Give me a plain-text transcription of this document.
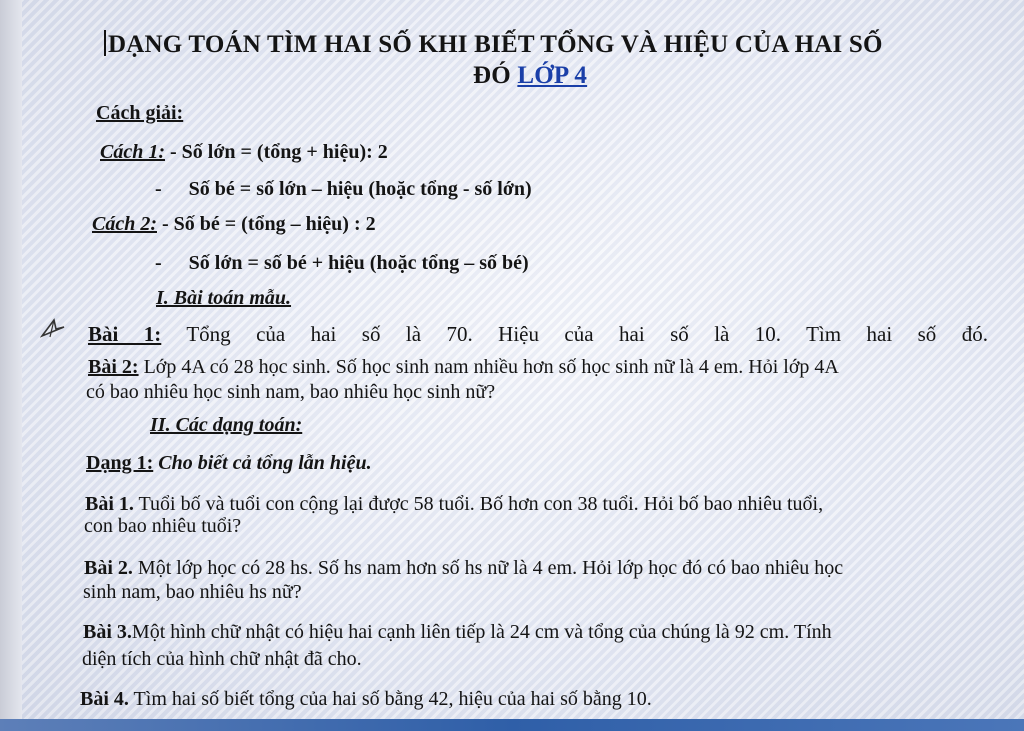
DẠNG TOÁN TÌM HAI SỐ KHI BIẾT TỔNG VÀ HIỆU CỦA HAI SỐ
ĐÓ LỚP 4
Cách giải:
Cách 1: - Số lớn = (tổng + hiệu): 2
- Số bé = số lớn – hiệu (hoặc tổng - số lớn)
Cách 2: - Số bé = (tổng – hiệu) : 2
- Số lớn = số bé + hiệu (hoặc tổng – số bé)
I. Bài toán mẫu.
Bài 1: Tổng của hai số là 70. Hiệu của hai số là 10. Tìm hai số đó.
Bài 2: Lớp 4A có 28 học sinh. Số học sinh nam nhiều hơn số học sinh nữ là 4 em. Hỏi lớp 4A
có bao nhiêu học sinh nam, bao nhiêu học sinh nữ?
II. Các dạng toán:
Dạng 1: Cho biết cả tổng lẫn hiệu.
Bài 1. Tuổi bố và tuổi con cộng lại được 58 tuổi. Bố hơn con 38 tuổi. Hỏi bố bao nhiêu tuổi,
con bao nhiêu tuổi?
Bài 2. Một lớp học có 28 hs. Số hs nam hơn số hs nữ là 4 em. Hỏi lớp học đó có bao nhiêu học
sinh nam, bao nhiêu hs nữ?
Bài 3.Một hình chữ nhật có hiệu hai cạnh liên tiếp là 24 cm và tổng của chúng là 92 cm. Tính
diện tích của hình chữ nhật đã cho.
Bài 4. Tìm hai số biết tổng của hai số bằng 42, hiệu của hai số bằng 10.
